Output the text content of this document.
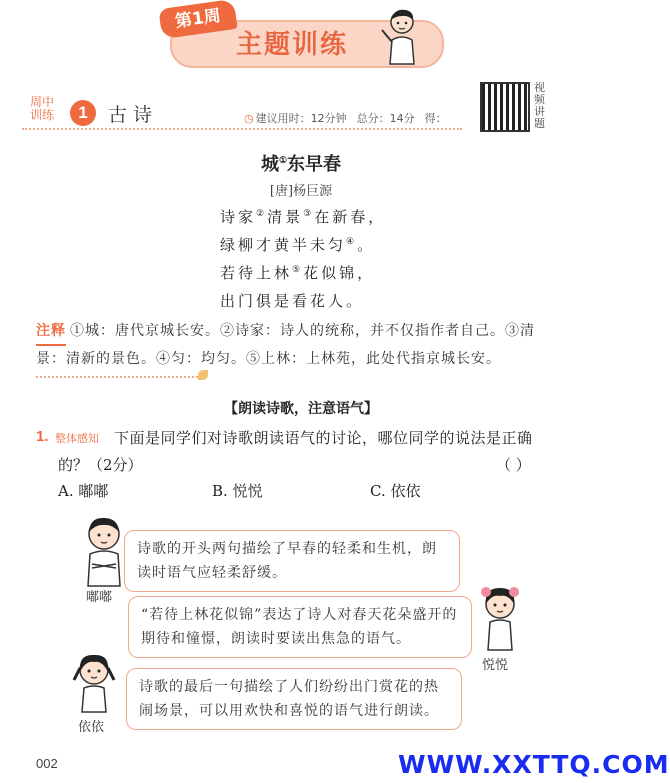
第1周
主题训练
周中
训练	1	古诗	◷ 建议用时：12分钟 总分：14分 得：
视频讲题
城①东早春
[唐]杨巨源
诗家②清景③在新春，
绿柳才黄半未匀④。
若待上林⑤花似锦，
出门俱是看花人。
注释 ①城：唐代京城长安。②诗家：诗人的统称，并不仅指作者自己。③清景：清新的景色。④匀：均匀。⑤上林：上林苑，此处代指京城长安。
【朗读诗歌，注意语气】
1. 整体感知 下面是同学们对诗歌朗读语气的讨论，哪位同学的说法是正确
的？（2分）	（ ）
A. 嘟嘟	B. 悦悦	C. 依依
嘟嘟
诗歌的开头两句描绘了早春的轻柔和生机，朗读时语气应轻柔舒缓。
“若待上林花似锦”表达了诗人对春天花朵盛开的期待和憧憬，朗读时要读出焦急的语气。
悦悦
依依
诗歌的最后一句描绘了人们纷纷出门赏花的热闹场景，可以用欢快和喜悦的语气进行朗读。
002	WWW.XXTTQ.COM
